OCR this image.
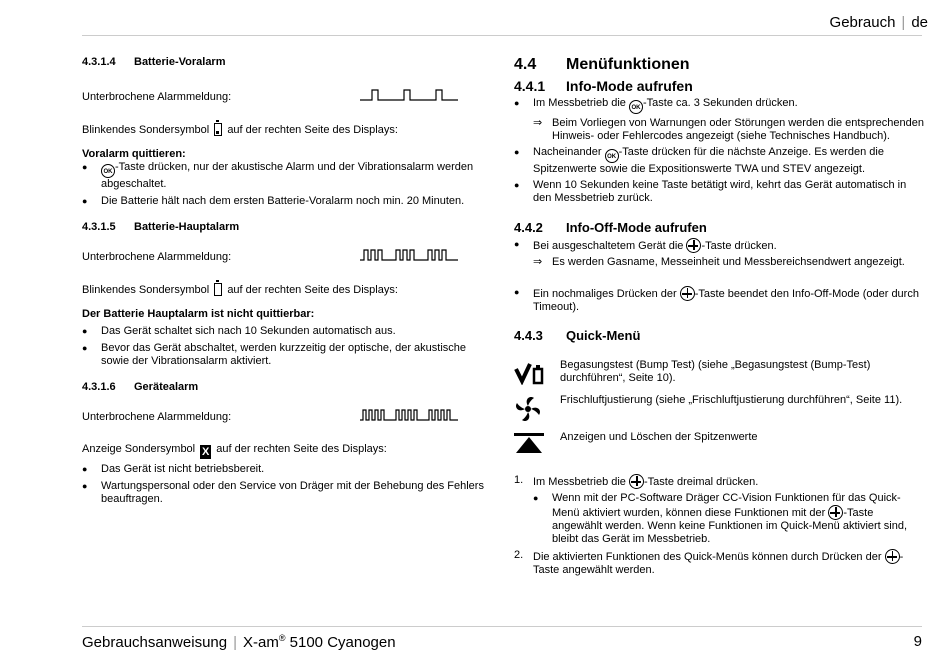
Gebrauch | de
4.3.1.4 Batterie-Voralarm
Unterbrochene Alarmmeldung:
Blinkendes Sondersymbol auf der rechten Seite des Displays:
Voralarm quittieren:
● OK -Taste drücken, nur der akustische Alarm und der Vibrationsalarm werden abgeschaltet.
● Die Batterie hält nach dem ersten Batterie-Voralarm noch min. 20 Minuten.
4.3.1.5 Batterie-Hauptalarm
Unterbrochene Alarmmeldung:
Blinkendes Sondersymbol auf der rechten Seite des Displays:
Der Batterie Hauptalarm ist nicht quittierbar:
● Das Gerät schaltet sich nach 10 Sekunden automatisch aus.
● Bevor das Gerät abschaltet, werden kurzzeitig der optische, der akustische sowie der Vibrationsalarm aktiviert.
4.3.1.6 Gerätealarm
Unterbrochene Alarmmeldung:
Anzeige Sondersymbol X auf der rechten Seite des Displays:
● Das Gerät ist nicht betriebsbereit.
● Wartungspersonal oder den Service von Dräger mit der Behebung des Fehlers beauftragen.
4.4 Menüfunktionen
4.4.1 Info-Mode aufrufen
● Im Messbetrieb die OK -Taste ca. 3 Sekunden drücken.
⇒ Beim Vorliegen von Warnungen oder Störungen werden die entsprechenden Hinweis- oder Fehlercodes angezeigt (siehe Technisches Handbuch).
● Nacheinander OK -Taste drücken für die nächste Anzeige. Es werden die Spitzenwerte sowie die Expositionswerte TWA und STEV angezeigt.
● Wenn 10 Sekunden keine Taste betätigt wird, kehrt das Gerät automatisch in den Messbetrieb zurück.
4.4.2 Info-Off-Mode aufrufen
● Bei ausgeschaltetem Gerät die -Taste drücken.
⇒ Es werden Gasname, Messeinheit und Messbereichsendwert angezeigt.
● Ein nochmaliges Drücken der -Taste beendet den Info-Off-Mode (oder durch Timeout).
4.4.3 Quick-Menü
Begasungstest (Bump Test) (siehe „Begasungstest (Bump-Test) durchführen“, Seite 10).
Frischluftjustierung (siehe „Frischluftjustierung durchführen“, Seite 11).
Anzeigen und Löschen der Spitzenwerte
1. Im Messbetrieb die -Taste dreimal drücken.
● Wenn mit der PC-Software Dräger CC-Vision Funktionen für das Quick-Menü aktiviert wurden, können diese Funktionen mit der -Taste angewählt werden. Wenn keine Funktionen im Quick-Menü aktiviert sind, bleibt das Gerät im Messbetrieb.
2. Die aktivierten Funktionen des Quick-Menüs können durch Drücken der -Taste angewählt werden.
Gebrauchsanweisung | X-am® 5100 Cyanogen	9
